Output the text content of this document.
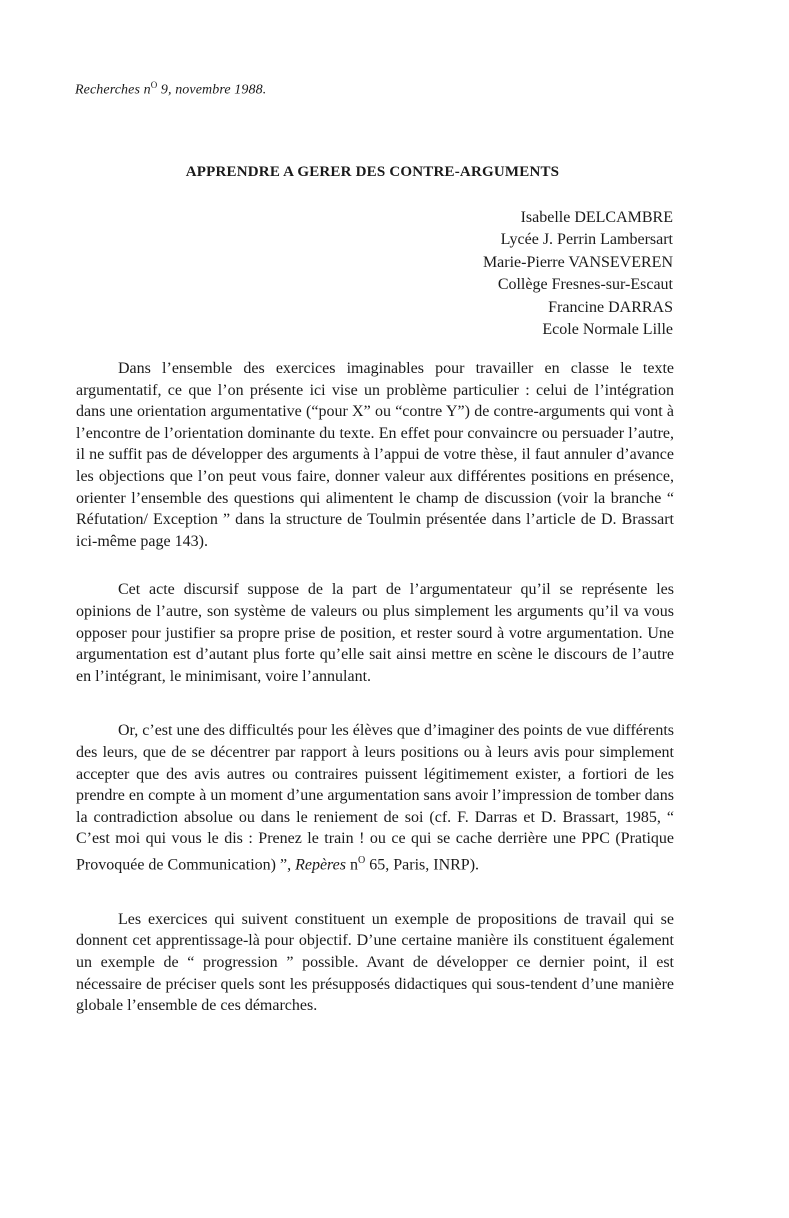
Recherches $n^O$ 9, novembre 1988.
APPRENDRE A GERER DES CONTRE-ARGUMENTS
Isabelle DELCAMBRE
Lycée J. Perrin Lambersart
Marie-Pierre VANSEVEREN
Collège Fresnes-sur-Escaut
Francine DARRAS
Ecole Normale Lille

Dans l’ensemble des exercices imaginables pour travailler en classe le texte argumentatif, ce que l’on présente ici vise un problème particulier : celui de l’intégration dans une orientation argumentative (“pour X” ou “contre Y”) de contre-arguments qui vont à l’encontre de l’orientation dominante du texte. En effet pour convaincre ou persuader l’autre, il ne suffit pas de développer des arguments à l’appui de votre thèse, il faut annuler d’avance les objections que l’on peut vous faire, donner valeur aux différentes positions en présence, orienter l’ensemble des questions qui alimentent le champ de discussion (voir la branche “ Réfutation/ Exception ” dans la structure de Toulmin présentée dans l’article de D. Brassart ici-même page 143).

Cet acte discursif suppose de la part de l’argumentateur qu’il se représente les opinions de l’autre, son système de valeurs ou plus simplement les arguments qu’il va vous opposer pour justifier sa propre prise de position, et rester sourd à votre argumentation. Une argumentation est d’autant plus forte qu’elle sait ainsi mettre en scène le discours de l’autre en l’intégrant, le minimisant, voire l’annulant.

Or, c’est une des difficultés pour les élèves que d’imaginer des points de vue différents des leurs, que de se décentrer par rapport à leurs positions ou à leurs avis pour simplement accepter que des avis autres ou contraires puissent légitimement exister, a fortiori de les prendre en compte à un moment d’une argumentation sans avoir l’impression de tomber dans la contradiction absolue ou dans le reniement de soi (cf. F. Darras et D. Brassart, 1985, “ C’est moi qui vous le dis : Prenez le train ! ou ce qui se cache derrière une PPC (Pratique Provoquée de Communication) ”, Repères $n^O$ 65, Paris, INRP).

Les exercices qui suivent constituent un exemple de propositions de travail qui se donnent cet apprentissage-là pour objectif. D’une certaine manière ils constituent également un exemple de “ progression ” possible. Avant de développer ce dernier point, il est nécessaire de préciser quels sont les présupposés didactiques qui sous-tendent d’une manière globale l’ensemble de ces démarches.
